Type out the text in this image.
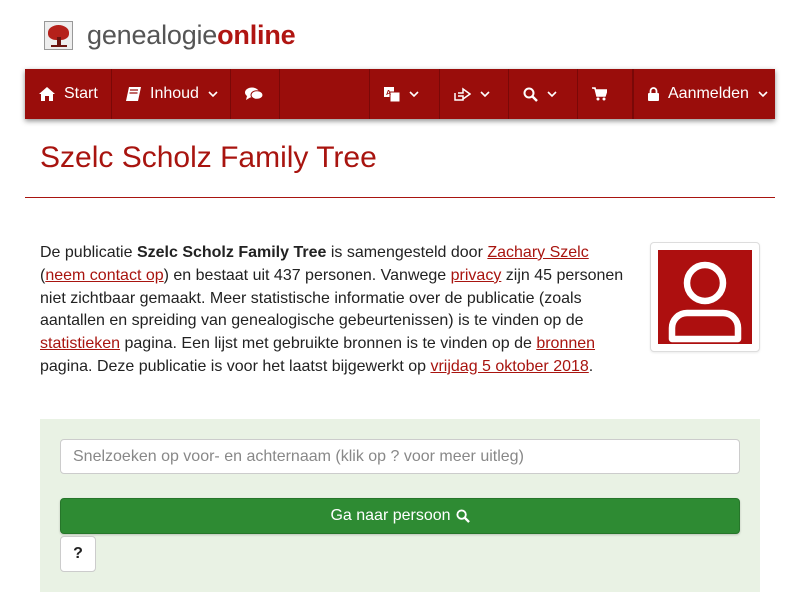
genealogieonline
Start	Inhoud	A	Aanmelden
Szelc Scholz Family Tree

De publicatie Szelc Scholz Family Tree is samengesteld door Zachary Szelc (neem contact op) en bestaat uit 437 personen. Vanwege privacy zijn 45 personen niet zichtbaar gemaakt. Meer statistische informatie over de publicatie (zoals aantallen en spreiding van genealogische gebeurtenissen) is te vinden op de statistieken pagina. Een lijst met gebruikte bronnen is te vinden op de bronnen pagina. Deze publicatie is voor het laatst bijgewerkt op vrijdag 5 oktober 2018.

Snelzoeken op voor- en achternaam (klik op ? voor meer uitleg)
Ga naar persoon
?
